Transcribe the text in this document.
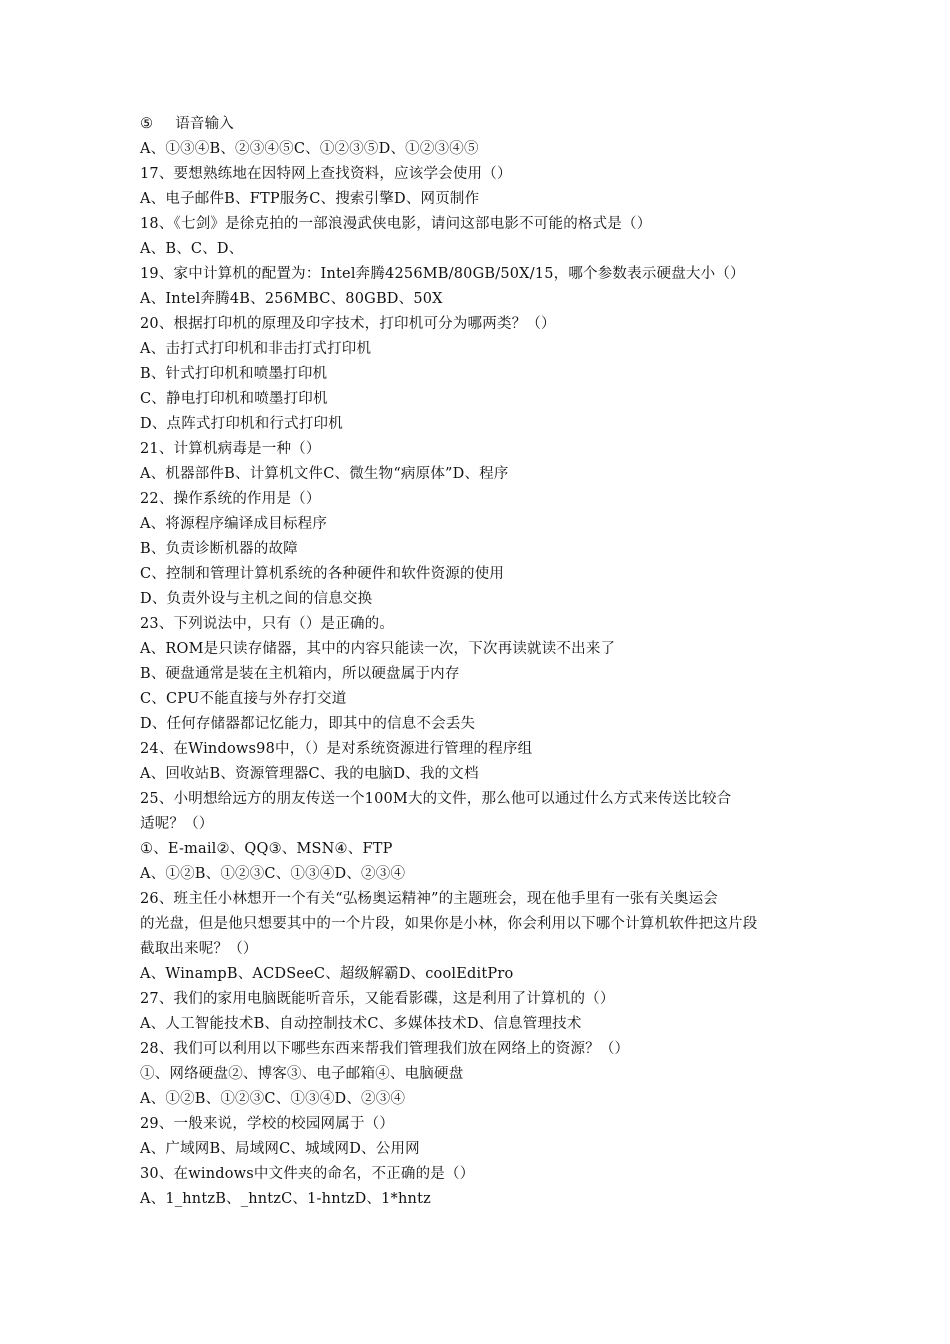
⑤ 语音输入
A、①③④B、②③④⑤C、①②③⑤D、①②③④⑤
17、要想熟练地在因特网上查找资料，应该学会使用（）
A、电子邮件B、FTP服务C、搜索引擎D、网页制作
18、《七剑》是徐克拍的一部浪漫武侠电影，请问这部电影不可能的格式是（）
A、B、C、D、
19、家中计算机的配置为：Intel奔腾4256MB/80GB/50X/15，哪个参数表示硬盘大小（）
A、Intel奔腾4B、256MBC、80GBD、50X
20、根据打印机的原理及印字技术，打印机可分为哪两类？（）
A、击打式打印机和非击打式打印机
B、针式打印机和喷墨打印机
C、静电打印机和喷墨打印机
D、点阵式打印机和行式打印机
21、计算机病毒是一种（）
A、机器部件B、计算机文件C、微生物“病原体”D、程序
22、操作系统的作用是（）
A、将源程序编译成目标程序
B、负责诊断机器的故障
C、控制和管理计算机系统的各种硬件和软件资源的使用
D、负责外设与主机之间的信息交换
23、下列说法中，只有（）是正确的。
A、ROM是只读存储器，其中的内容只能读一次，下次再读就读不出来了
B、硬盘通常是装在主机箱内，所以硬盘属于内存
C、CPU不能直接与外存打交道
D、任何存储器都记忆能力，即其中的信息不会丢失
24、在Windows98中，（）是对系统资源进行管理的程序组
A、回收站B、资源管理器C、我的电脑D、我的文档
25、小明想给远方的朋友传送一个100M大的文件，那么他可以通过什么方式来传送比较合
适呢？（）
①、E-mail②、QQ③、MSN④、FTP
A、①②B、①②③C、①③④D、②③④
26、班主任小林想开一个有关“弘杨奥运精神”的主题班会，现在他手里有一张有关奥运会
的光盘，但是他只想要其中的一个片段，如果你是小林，你会利用以下哪个计算机软件把这片段
截取出来呢？（）
A、WinampB、ACDSeeC、超级解霸D、coolEditPro
27、我们的家用电脑既能听音乐，又能看影碟，这是利用了计算机的（）
A、人工智能技术B、自动控制技术C、多媒体技术D、信息管理技术
28、我们可以利用以下哪些东西来帮我们管理我们放在网络上的资源？（）
①、网络硬盘②、博客③、电子邮箱④、电脑硬盘
A、①②B、①②③C、①③④D、②③④
29、一般来说，学校的校园网属于（）
A、广域网B、局域网C、城域网D、公用网
30、在windows中文件夹的命名，不正确的是（）
A、1_hntzB、_hntzC、1-hntzD、1*hntz
